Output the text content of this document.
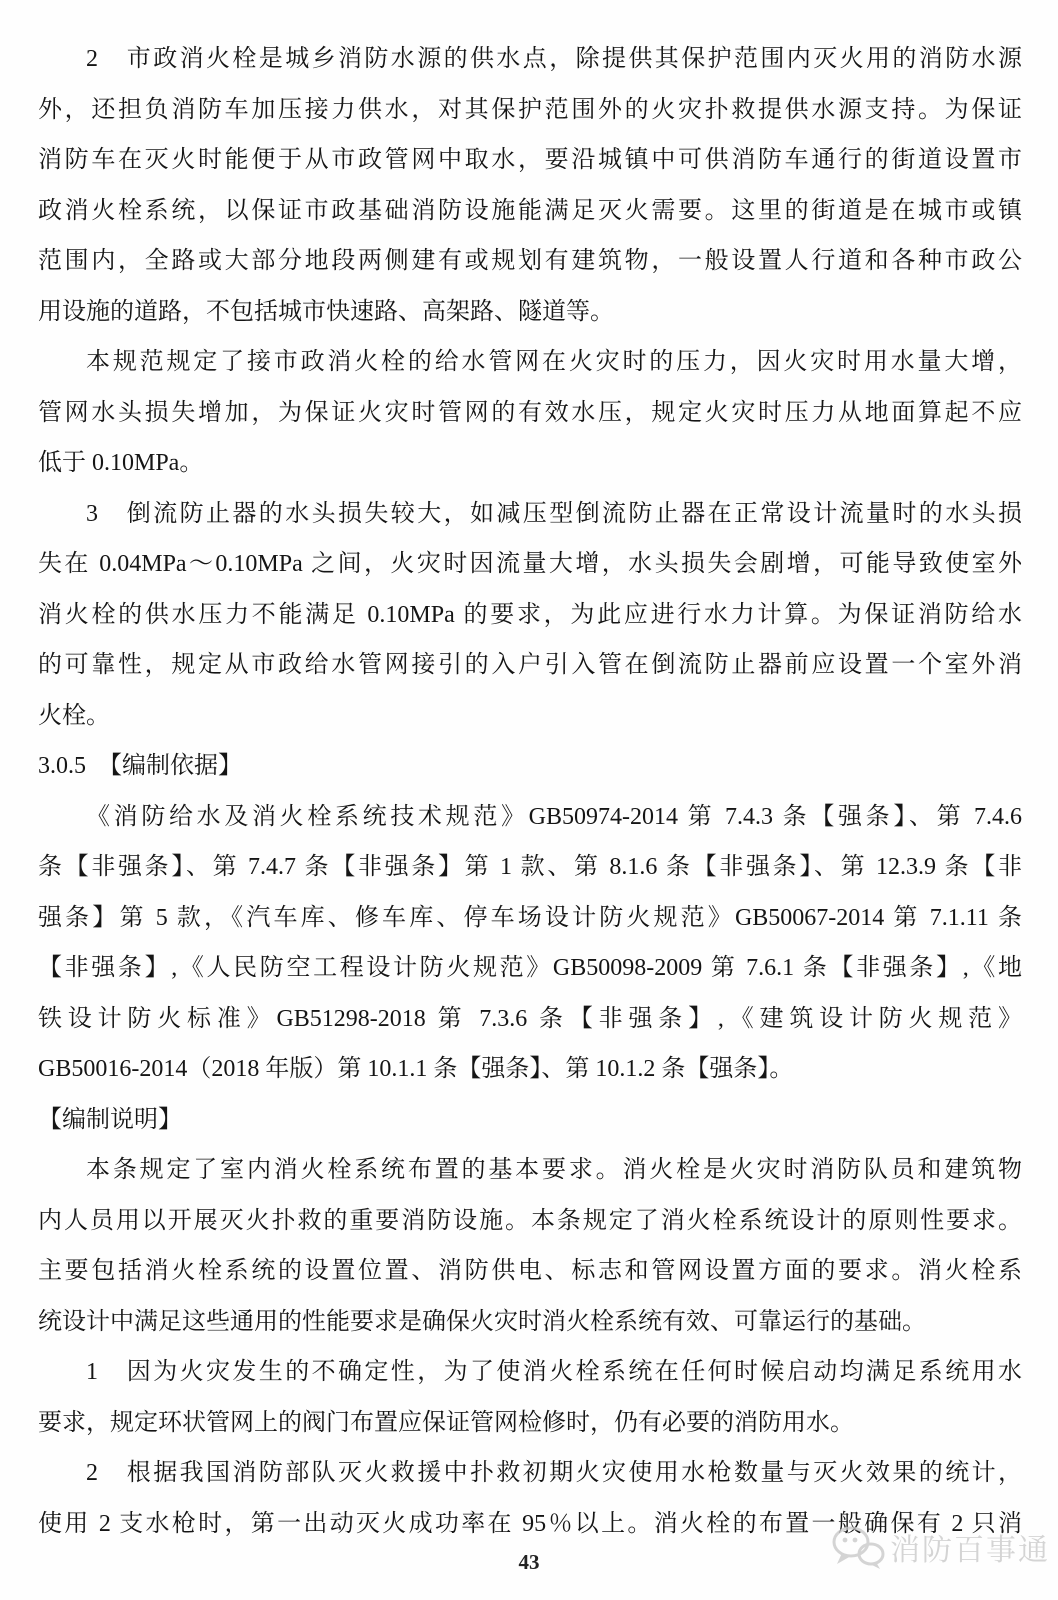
2　市政消火栓是城乡消防水源的供水点，除提供其保护范围内灭火用的消防水源
外，还担负消防车加压接力供水，对其保护范围外的火灾扑救提供水源支持。为保证
消防车在灭火时能便于从市政管网中取水，要沿城镇中可供消防车通行的街道设置市
政消火栓系统，以保证市政基础消防设施能满足灭火需要。这里的街道是在城市或镇
范围内，全路或大部分地段两侧建有或规划有建筑物，一般设置人行道和各种市政公
用设施的道路，不包括城市快速路、高架路、隧道等。
本规范规定了接市政消火栓的给水管网在火灾时的压力，因火灾时用水量大增，
管网水头损失增加，为保证火灾时管网的有效水压，规定火灾时压力从地面算起不应
低于 0.10MPa。
3　倒流防止器的水头损失较大，如减压型倒流防止器在正常设计流量时的水头损
失在 0.04MPa～0.10MPa 之间，火灾时因流量大增，水头损失会剧增，可能导致使室外
消火栓的供水压力不能满足 0.10MPa 的要求，为此应进行水力计算。为保证消防给水
的可靠性，规定从市政给水管网接引的入户引入管在倒流防止器前应设置一个室外消
火栓。
3.0.5　【编制依据】
《消防给水及消火栓系统技术规范》GB50974-2014 第 7.4.3 条【强条】、第 7.4.6
条【非强条】、第 7.4.7 条【非强条】第 1 款、第 8.1.6 条【非强条】、第 12.3.9 条【非
强条】第 5 款，《汽车库、修车库、停车场设计防火规范》GB50067-2014 第 7.1.11 条
【非强条】,《人民防空工程设计防火规范》GB50098-2009 第 7.6.1 条【非强条】,《地
铁设计防火标准》GB51298-2018 第 7.3.6 条【非强条】,《建筑设计防火规范》
GB50016-2014（2018 年版）第 10.1.1 条【强条】、第 10.1.2 条【强条】。
【编制说明】
本条规定了室内消火栓系统布置的基本要求。消火栓是火灾时消防队员和建筑物
内人员用以开展灭火扑救的重要消防设施。本条规定了消火栓系统设计的原则性要求。
主要包括消火栓系统的设置位置、消防供电、标志和管网设置方面的要求。消火栓系
统设计中满足这些通用的性能要求是确保火灾时消火栓系统有效、可靠运行的基础。
1　因为火灾发生的不确定性，为了使消火栓系统在任何时候启动均满足系统用水
要求，规定环状管网上的阀门布置应保证管网检修时，仍有必要的消防用水。
2　根据我国消防部队灭火救援中扑救初期火灾使用水枪数量与灭火效果的统计，
使用 2 支水枪时，第一出动灭火成功率在 95％以上。消火栓的布置一般确保有 2 只消
消防百事通
43
